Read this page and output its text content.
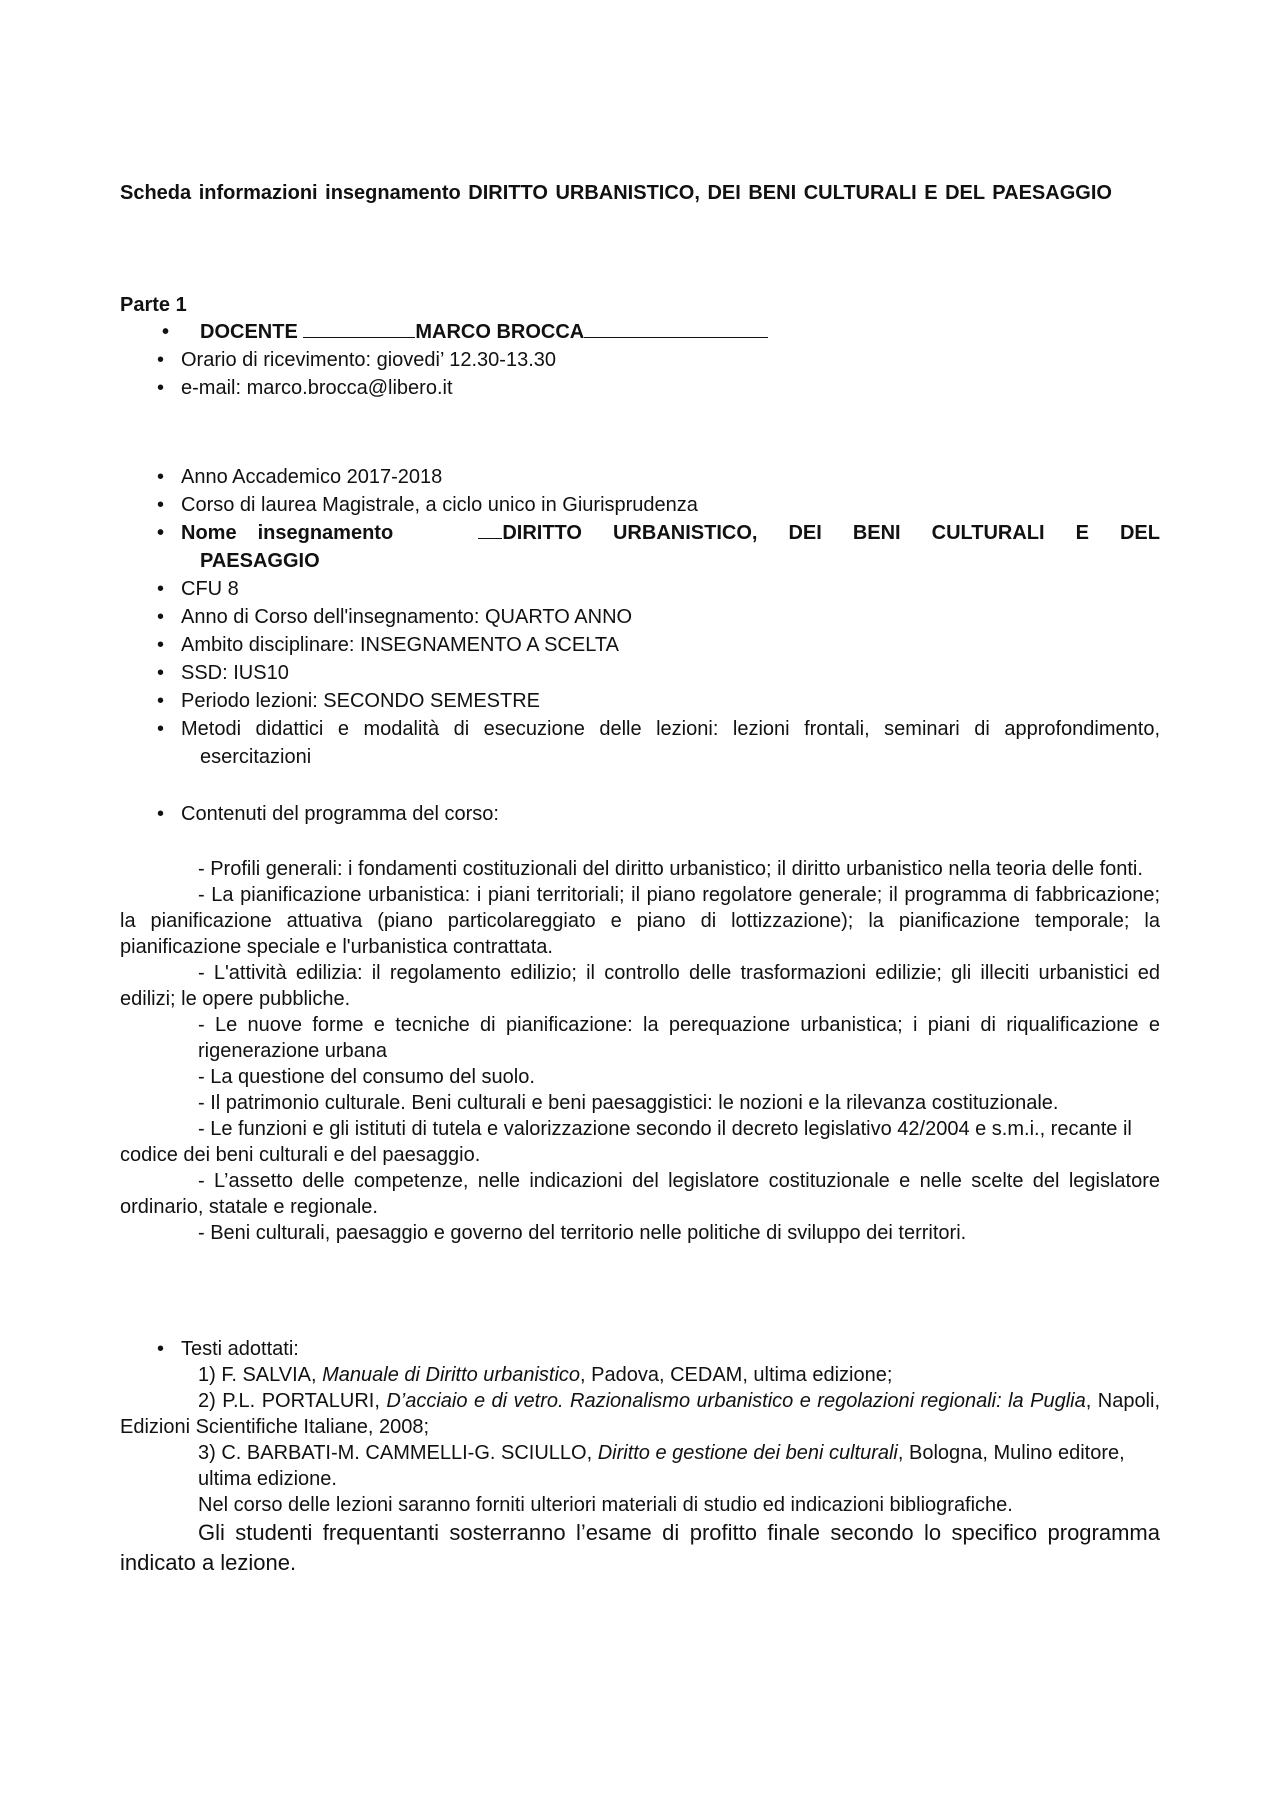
Scheda informazioni insegnamento DIRITTO URBANISTICO, DEI BENI CULTURALI E DEL PAESAGGIO
Parte 1
• DOCENTE	MARCO BROCCA
• Orario di ricevimento: giovedi’ 12.30-13.30
• e-mail: marco.brocca@libero.it
• Anno Accademico 2017-2018
• Corso di laurea Magistrale, a ciclo unico in Giurisprudenza
• Nome insegnamento	DIRITTO URBANISTICO, DEI BENI CULTURALI E DEL PAESAGGIO
• CFU 8
• Anno di Corso dell'insegnamento: QUARTO ANNO
• Ambito disciplinare: INSEGNAMENTO A SCELTA
• SSD: IUS10
• Periodo lezioni: SECONDO SEMESTRE
• Metodi didattici e modalità di esecuzione delle lezioni: lezioni frontali, seminari di approfondimento, esercitazioni
• Contenuti del programma del corso:

- Profili generali: i fondamenti costituzionali del diritto urbanistico; il diritto urbanistico nella teoria delle fonti.

- La pianificazione urbanistica: i piani territoriali; il piano regolatore generale; il programma di fabbricazione; la pianificazione attuativa (piano particolareggiato e piano di lottizzazione); la pianificazione temporale; la pianificazione speciale e l'urbanistica contrattata.

- L'attività edilizia: il regolamento edilizio; il controllo delle trasformazioni edilizie; gli illeciti urbanistici ed edilizi; le opere pubbliche.

- Le nuove forme e tecniche di pianificazione: la perequazione urbanistica; i piani di riqualificazione e rigenerazione urbana

- La questione del consumo del suolo.

- Il patrimonio culturale. Beni culturali e beni paesaggistici: le nozioni e la rilevanza costituzionale.

- Le funzioni e gli istituti di tutela e valorizzazione secondo il decreto legislativo 42/2004 e s.m.i., recante il codice dei beni culturali e del paesaggio.

- L’assetto delle competenze, nelle indicazioni del legislatore costituzionale e nelle scelte del legislatore ordinario, statale e regionale.

- Beni culturali, paesaggio e governo del territorio nelle politiche di sviluppo dei territori.

• Testi adottati:

1) F. SALVIA, Manuale di Diritto urbanistico, Padova, CEDAM, ultima edizione;

2) P.L. PORTALURI, D’acciaio e di vetro. Razionalismo urbanistico e regolazioni regionali: la Puglia, Napoli, Edizioni Scientifiche Italiane, 2008;

3) C. BARBATI-M. CAMMELLI-G. SCIULLO, Diritto e gestione dei beni culturali, Bologna, Mulino editore, ultima edizione.

Nel corso delle lezioni saranno forniti ulteriori materiali di studio ed indicazioni bibliografiche.

Gli studenti frequentanti sosterranno l’esame di profitto finale secondo lo specifico programma indicato a lezione.
